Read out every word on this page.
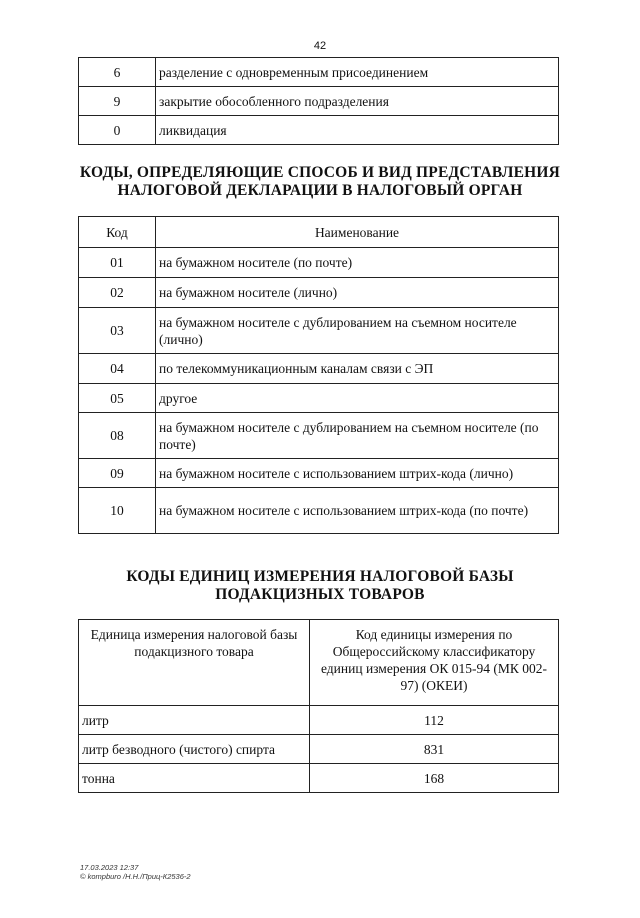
42
6	разделение с одновременным присоединением
9	закрытие обособленного подразделения
0	ликвидация
КОДЫ, ОПРЕДЕЛЯЮЩИЕ СПОСОБ И ВИД ПРЕДСТАВЛЕНИЯ
НАЛОГОВОЙ ДЕКЛАРАЦИИ В НАЛОГОВЫЙ ОРГАН
Код	Наименование
01	на бумажном носителе (по почте)
02	на бумажном носителе (лично)
03	на бумажном носителе с дублированием на съемном носителе (лично)
04	по телекоммуникационным каналам связи с ЭП
05	другое
08	на бумажном носителе с дублированием на съемном носителе (по почте)
09	на бумажном носителе с использованием штрих-кода (лично)
10	на бумажном носителе с использованием штрих-кода (по почте)
КОДЫ ЕДИНИЦ ИЗМЕРЕНИЯ НАЛОГОВОЙ БАЗЫ
ПОДАКЦИЗНЫХ ТОВАРОВ
Единица измерения налоговой базы подакцизного товара	Код единицы измерения по Общероссийскому классификатору единиц измерения ОК 015-94 (МК 002-97) (ОКЕИ)
литр	112
литр безводного (чистого) спирта	831
тонна	168
17.03.2023 12:37
© kompburo /Н.Н./Приц-К2536-2
